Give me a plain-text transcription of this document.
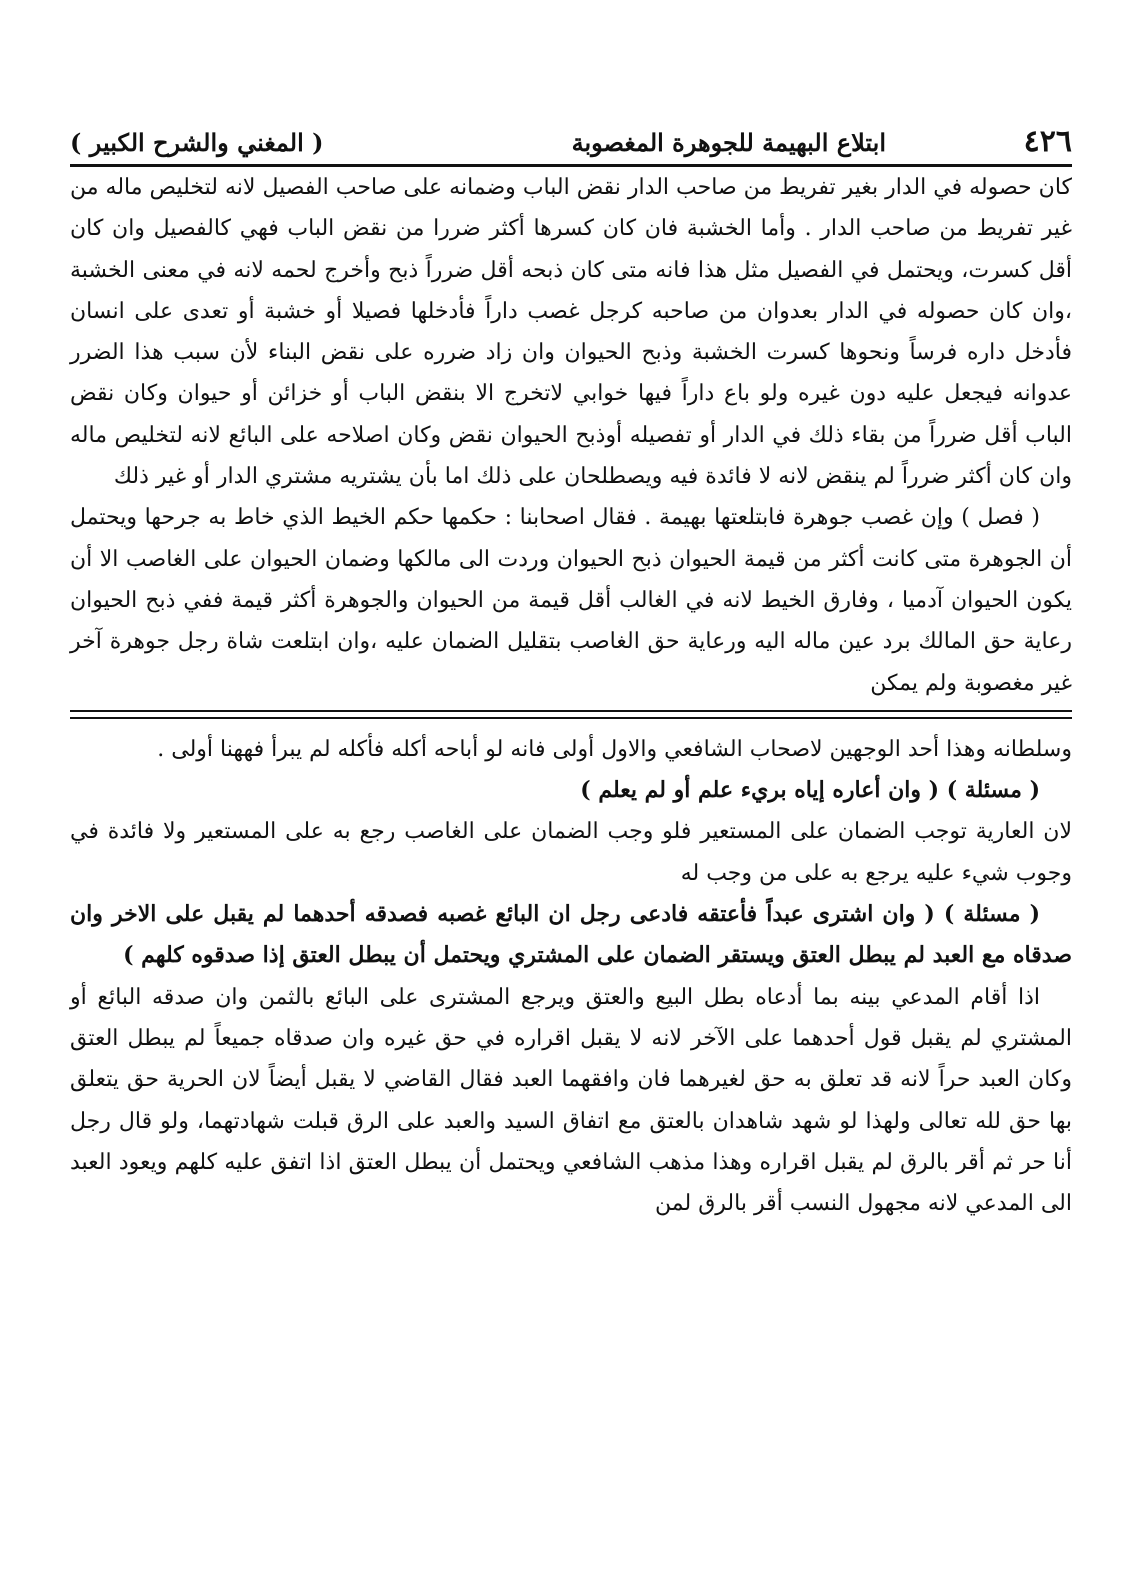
٤٢٦
ابتلاع البهيمة للجوهرة المغصوبة
( المغني والشرح الكبير )

كان حصوله في الدار بغير تفريط من صاحب الدار نقض الباب وضمانه على صاحب الفصيل لانه لتخليص ماله من غير تفريط من صاحب الدار . وأما الخشبة فان كان كسرها أكثر ضررا من نقض الباب فهي كالفصيل وان كان أقل كسرت، ويحتمل في الفصيل مثل هذا فانه متى كان ذبحه أقل ضرراً ذبح وأخرج لحمه لانه في معنى الخشبة ،وان كان حصوله في الدار بعدوان من صاحبه كرجل غصب داراً فأدخلها فصيلا أو خشبة أو تعدى على انسان فأدخل داره فرساً ونحوها كسرت الخشبة وذبح الحيوان وان زاد ضرره على نقض البناء لأن سبب هذا الضرر عدوانه فيجعل عليه دون غيره ولو باع داراً فيها خوابي لاتخرج الا بنقض الباب أو خزائن أو حيوان وكان نقض الباب أقل ضرراً من بقاء ذلك في الدار أو تفصيله أوذبح الحيوان نقض وكان اصلاحه على البائع لانه لتخليص ماله وان كان أكثر ضرراً لم ينقض لانه لا فائدة فيه ويصطلحان على ذلك اما بأن يشتريه مشتري الدار أو غير ذلك

( فصل ) وإن غصب جوهرة فابتلعتها بهيمة . فقال اصحابنا : حكمها حكم الخيط الذي خاط به جرحها ويحتمل أن الجوهرة متى كانت أكثر من قيمة الحيوان ذبح الحيوان وردت الى مالكها وضمان الحيوان على الغاصب الا أن يكون الحيوان آدميا ، وفارق الخيط لانه في الغالب أقل قيمة من الحيوان والجوهرة أكثر قيمة ففي ذبح الحيوان رعاية حق المالك برد عين ماله اليه ورعاية حق الغاصب بتقليل الضمان عليه ،وان ابتلعت شاة رجل جوهرة آخر غير مغصوبة ولم يمكن

وسلطانه وهذا أحد الوجهين لاصحاب الشافعي والاول أولى فانه لو أباحه أكله فأكله لم يبرأ فههنا أولى .

( مسئلة ) ( وان أعاره إياه بريء علم أو لم يعلم )

لان العارية توجب الضمان على المستعير فلو وجب الضمان على الغاصب رجع به على المستعير ولا فائدة في وجوب شيء عليه يرجع به على من وجب له

( مسئلة ) ( وان اشترى عبداً فأعتقه فادعى رجل ان البائع غصبه فصدقه أحدهما لم يقبل على الاخر وان صدقاه مع العبد لم يبطل العتق ويستقر الضمان على المشتري ويحتمل أن يبطل العتق إذا صدقوه كلهم )

اذا أقام المدعي بينه بما أدعاه بطل البيع والعتق ويرجع المشترى على البائع بالثمن وان صدقه البائع أو المشتري لم يقبل قول أحدهما على الآخر لانه لا يقبل اقراره في حق غيره وان صدقاه جميعاً لم يبطل العتق وكان العبد حراً لانه قد تعلق به حق لغيرهما فان وافقهما العبد فقال القاضي لا يقبل أيضاً لان الحرية حق يتعلق بها حق لله تعالى ولهذا لو شهد شاهدان بالعتق مع اتفاق السيد والعبد على الرق قبلت شهادتهما، ولو قال رجل أنا حر ثم أقر بالرق لم يقبل اقراره وهذا مذهب الشافعي ويحتمل أن يبطل العتق اذا اتفق عليه كلهم ويعود العبد الى المدعي لانه مجهول النسب أقر بالرق لمن
